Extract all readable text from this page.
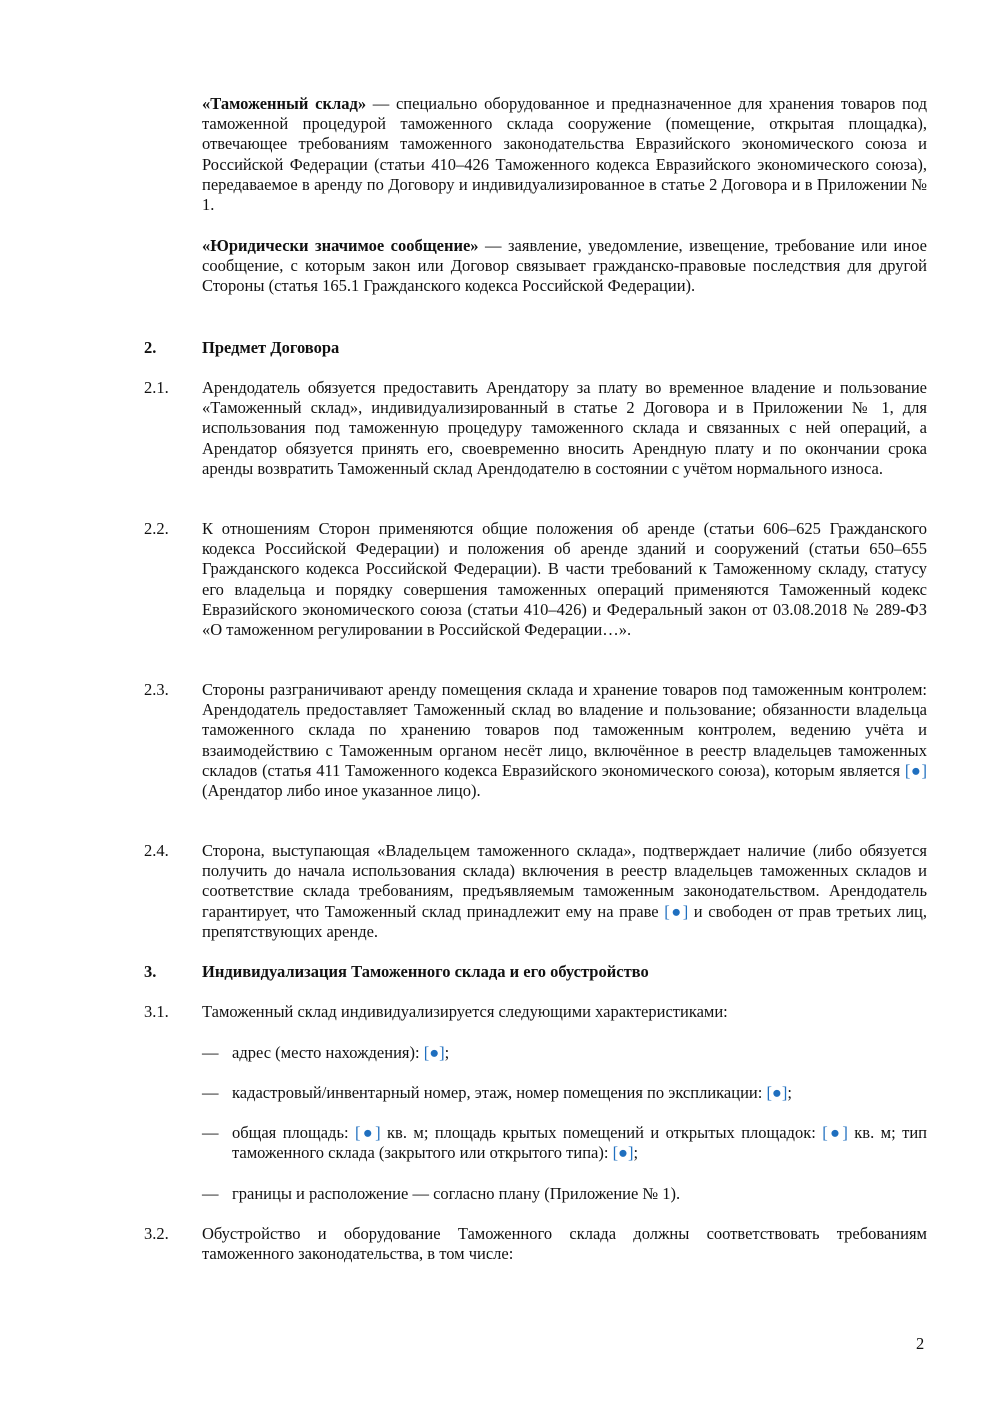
«Таможенный склад» — специально оборудованное и предназначенное для хранения товаров под таможенной процедурой таможенного склада сооружение (помещение, открытая площадка), отвечающее требованиям таможенного законодательства Евразийского экономического союза и Российской Федерации (статьи 410–426 Таможенного кодекса Евразийского экономического союза), передаваемое в аренду по Договору и индивидуализированное в статье 2 Договора и в Приложении № 1.

«Юридически значимое сообщение» — заявление, уведомление, извещение, требование или иное сообщение, с которым закон или Договор связывает гражданско-правовые последствия для другой Стороны (статья 165.1 Гражданского кодекса Российской Федерации).

2.	Предмет Договора
2.1. Арендодатель обязуется предоставить Арендатору за плату во временное владение и пользование «Таможенный склад», индивидуализированный в статье 2 Договора и в Приложении № 1, для использования под таможенную процедуру таможенного склада и связанных с ней операций, а Арендатор обязуется принять его, своевременно вносить Арендную плату и по окончании срока аренды возвратить Таможенный склад Арендодателю в состоянии с учётом нормального износа.

2.2. К отношениям Сторон применяются общие положения об аренде (статьи 606–625 Гражданского кодекса Российской Федерации) и положения об аренде зданий и сооружений (статьи 650–655 Гражданского кодекса Российской Федерации). В части требований к Таможенному складу, статусу его владельца и порядку совершения таможенных операций применяются Таможенный кодекс Евразийского экономического союза (статьи 410–426) и Федеральный закон от 03.08.2018 № 289-ФЗ «О таможенном регулировании в Российской Федерации…».

2.3. Стороны разграничивают аренду помещения склада и хранение товаров под таможенным контролем: Арендодатель предоставляет Таможенный склад во владение и пользование; обязанности владельца таможенного склада по хранению товаров под таможенным контролем, ведению учёта и взаимодействию с Таможенным органом несёт лицо, включённое в реестр владельцев таможенных складов (статья 411 Таможенного кодекса Евразийского экономического союза), которым является [●] (Арендатор либо иное указанное лицо).

2.4. Сторона, выступающая «Владельцем таможенного склада», подтверждает наличие (либо обязуется получить до начала использования склада) включения в реестр владельцев таможенных складов и соответствие склада требованиям, предъявляемым таможенным законодательством. Арендодатель гарантирует, что Таможенный склад принадлежит ему на праве [●] и свободен от прав третьих лиц, препятствующих аренде.

3.	Индивидуализация Таможенного склада и его обустройство
3.1. Таможенный склад индивидуализируется следующими характеристиками:

— адрес (место нахождения): [●];
— кадастровый/инвентарный номер, этаж, номер помещения по экспликации: [●];
— общая площадь: [●] кв. м; площадь крытых помещений и открытых площадок: [●] кв. м; тип таможенного склада (закрытого или открытого типа): [●];
— границы и расположение — согласно плану (Приложение № 1).
3.2. Обустройство и оборудование Таможенного склада должны соответствовать требованиям таможенного законодательства, в том числе:

2
